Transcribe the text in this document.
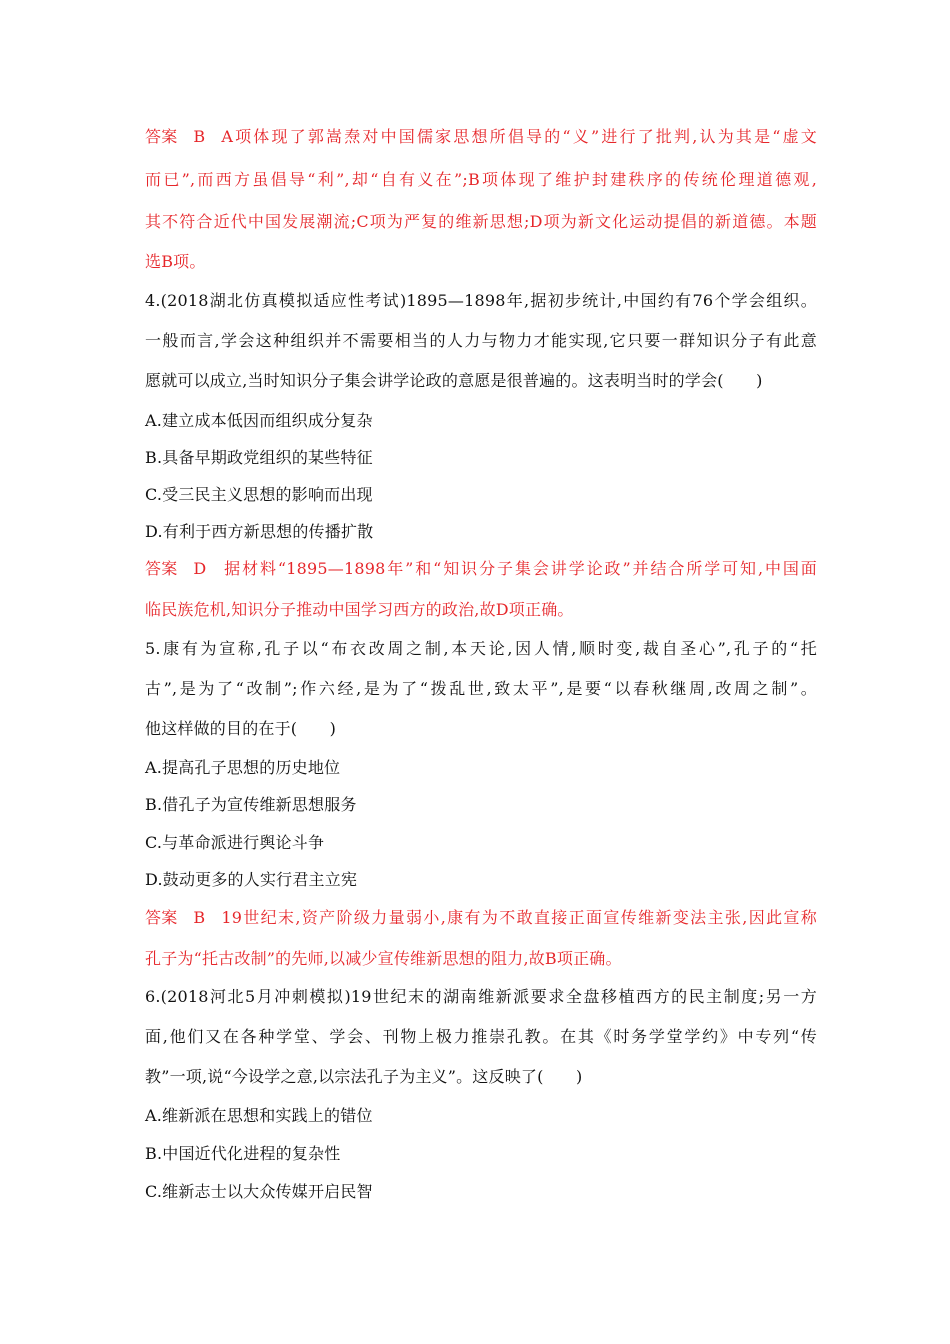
答案 B A项体现了郭嵩焘对中国儒家思想所倡导的“义”进行了批判,认为其是“虚文
而已”,而西方虽倡导“利”,却“自有义在”;B项体现了维护封建秩序的传统伦理道德观,
其不符合近代中国发展潮流;C项为严复的维新思想;D项为新文化运动提倡的新道德。本题
选B项。
4.(2018湖北仿真模拟适应性考试)1895—1898年,据初步统计,中国约有76个学会组织。
一般而言,学会这种组织并不需要相当的人力与物力才能实现,它只要一群知识分子有此意
愿就可以成立,当时知识分子集会讲学论政的意愿是很普遍的。这表明当时的学会(　　)
A.建立成本低因而组织成分复杂
B.具备早期政党组织的某些特征
C.受三民主义思想的影响而出现
D.有利于西方新思想的传播扩散
答案 D 据材料“1895—1898年”和“知识分子集会讲学论政”并结合所学可知,中国面
临民族危机,知识分子推动中国学习西方的政治,故D项正确。
5.康有为宣称,孔子以“布衣改周之制,本天论,因人情,顺时变,裁自圣心”,孔子的“托
古”,是为了“改制”;作六经,是为了“拨乱世,致太平”,是要“以春秋继周,改周之制”。
他这样做的目的在于(　　)
A.提高孔子思想的历史地位
B.借孔子为宣传维新思想服务
C.与革命派进行舆论斗争
D.鼓动更多的人实行君主立宪
答案 B 19世纪末,资产阶级力量弱小,康有为不敢直接正面宣传维新变法主张,因此宣称
孔子为“托古改制”的先师,以减少宣传维新思想的阻力,故B项正确。
6.(2018河北5月冲刺模拟)19世纪末的湖南维新派要求全盘移植西方的民主制度;另一方
面,他们又在各种学堂、学会、刊物上极力推崇孔教。在其《时务学堂学约》中专列“传
教”一项,说“今设学之意,以宗法孔子为主义”。这反映了(　　)
A.维新派在思想和实践上的错位
B.中国近代化进程的复杂性
C.维新志士以大众传媒开启民智
